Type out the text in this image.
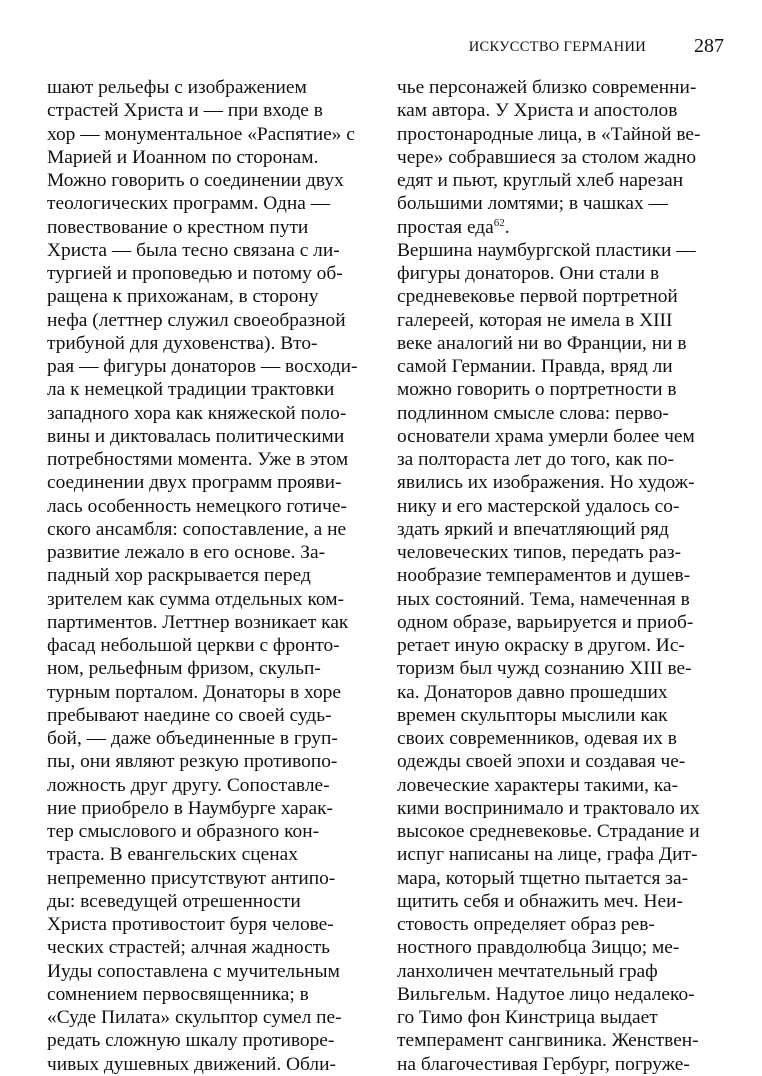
ИСКУССТВО ГЕРМАНИИ 287
шают рельефы с изображением
страстей Христа и — при входе в
хор — монументальное «Распятие» с
Марией и Иоанном по сторонам.
Можно говорить о соединении двух
теологических программ. Одна —
повествование о крестном пути
Христа — была тесно связана с ли-
тургией и проповедью и потому об-
ращена к прихожанам, в сторону
нефа (леттнер служил своеобразной
трибуной для духовенства). Вто-
рая — фигуры донаторов — восходи-
ла к немецкой традиции трактовки
западного хора как княжеской поло-
вины и диктовалась политическими
потребностями момента. Уже в этом
соединении двух программ прояви-
лась особенность немецкого готиче-
ского ансамбля: сопоставление, а не
развитие лежало в его основе. За-
падный хор раскрывается перед
зрителем как сумма отдельных ком-
партиментов. Леттнер возникает как
фасад небольшой церкви с фронто-
ном, рельефным фризом, скульп-
турным порталом. Донаторы в хоре
пребывают наедине со своей судь-
бой, — даже объединенные в груп-
пы, они являют резкую противопо-
ложность друг другу. Сопоставле-
ние приобрело в Наумбурге харак-
тер смыслового и образного кон-
траста. В евангельских сценах
непременно присутствуют антипо-
ды: всеведущей отрешенности
Христа противостоит буря челове-
ческих страстей; алчная жадность
Иуды сопоставлена с мучительным
сомнением первосвященника; в
«Суде Пилата» скульптор сумел пе-
редать сложную шкалу противоре-
чивых душевных движений. Обли-
чье персонажей близко современни-
кам автора. У Христа и апостолов
простонародные лица, в «Тайной ве-
чере» собравшиеся за столом жадно
едят и пьют, круглый хлеб нарезан
большими ломтями; в чашках —
простая еда$^{62}$.
Вершина наумбургской пластики —
фигуры донаторов. Они стали в
средневековье первой портретной
галереей, которая не имела в XIII
веке аналогий ни во Франции, ни в
самой Германии. Правда, вряд ли
можно говорить о портретности в
подлинном смысле слова: перво-
основатели храма умерли более чем
за полтораста лет до того, как по-
явились их изображения. Но худож-
нику и его мастерской удалось со-
здать яркий и впечатляющий ряд
человеческих типов, передать раз-
нообразие темпераментов и душев-
ных состояний. Тема, намеченная в
одном образе, варьируется и приоб-
ретает иную окраску в другом. Ис-
торизм был чужд сознанию XIII ве-
ка. Донаторов давно прошедших
времен скульпторы мыслили как
своих современников, одевая их в
одежды своей эпохи и создавая че-
ловеческие характеры такими, ка-
кими воспринимало и трактовало их
высокое средневековье. Страдание и
испуг написаны на лице, графа Дит-
мара, который тщетно пытается за-
щитить себя и обнажить меч. Неи-
стовость определяет образ рев-
ностного правдолюбца Зиццо; ме-
ланхоличен мечтательный граф
Вильгельм. Надутое лицо недалеко-
го Тимо фон Кинстрица выдает
темперамент сангвиника. Женствен-
на благочестивая Гербург, погруже-
